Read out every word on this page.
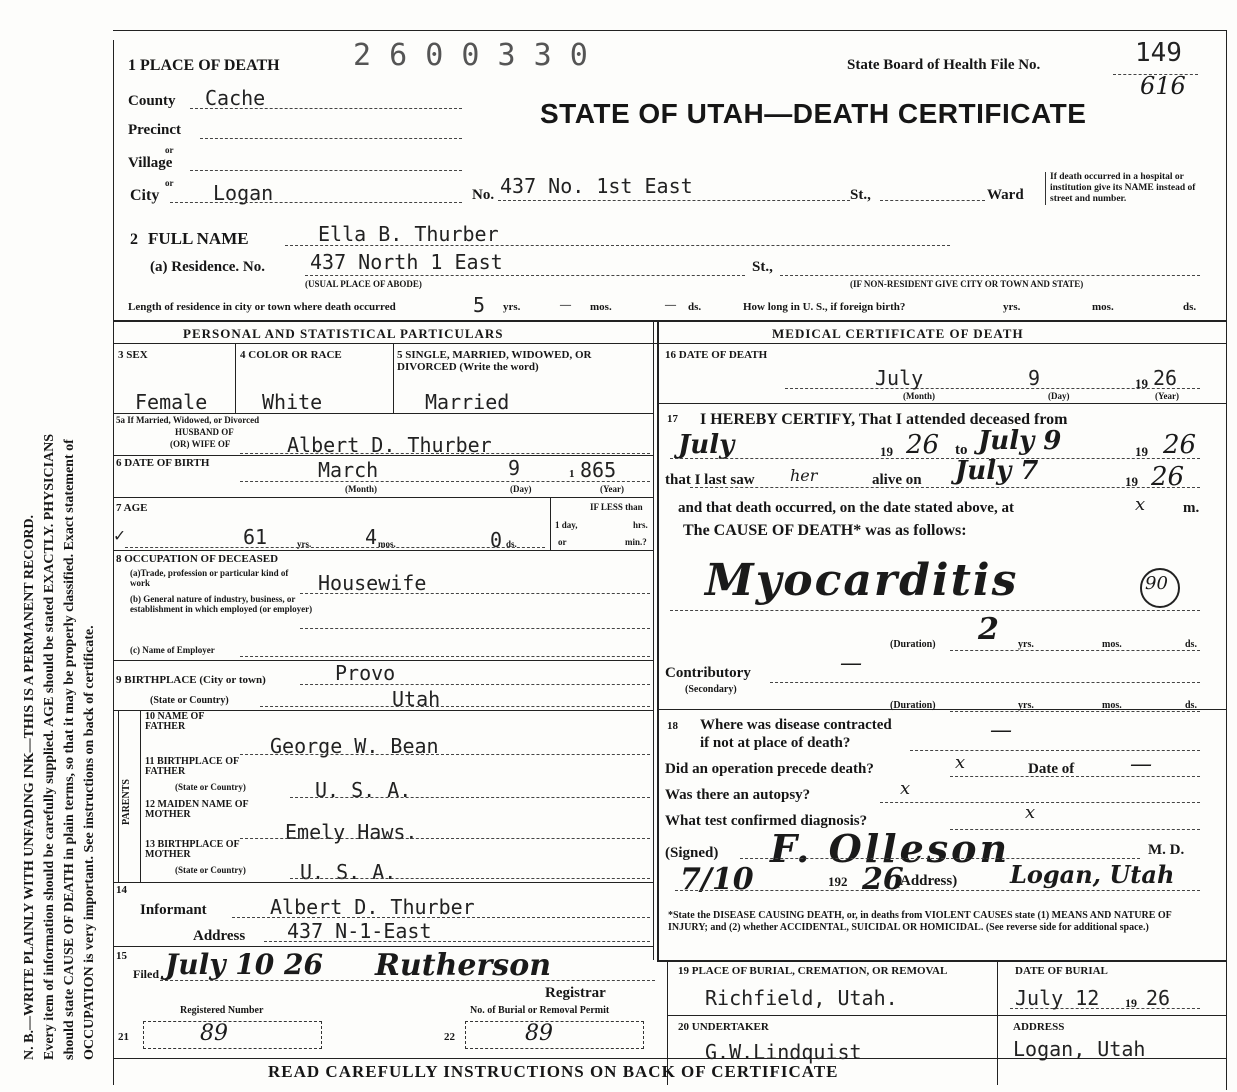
N. B.—WRITE PLAINLY WITH UNFADING INK—THIS IS A PERMANENT RECORD. Every item of information should be carefully supplied. AGE should be stated EXACTLY. PHYSICIANS should state CAUSE OF DEATH in plain terms, so that it may be properly classified. Exact statement of OCCUPATION is very important. See instructions on back of certificate.
1 PLACE OF DEATH 2 6 0 0 3 3 0	State Board of Health File No.	149
616
County Cache	STATE OF UTAH—DEATH CERTIFICATE
Precinct
or
Village
or
City	Logan	No. 437 No. 1st East	St.,	Ward
If death occurred in a hospital or institution give its NAME instead of street and number.
2 FULL NAME	Ella B. Thurber
(a) Residence. No. 437 North 1 East	St.,
(USUAL PLACE OF ABODE)	(IF NON-RESIDENT GIVE CITY OR TOWN AND STATE)
Length of residence in city or town where death occurred	5 yrs.	— mos.	— ds.	How long in U. S., if foreign birth?	yrs.	mos.	ds.
PERSONAL AND STATISTICAL PARTICULARS	MEDICAL CERTIFICATE OF DEATH
3 SEX	4 COLOR OR RACE	5 SINGLE, MARRIED, WIDOWED, OR DIVORCED (Write the word)
Female	White	Married
5a If Married, Widowed, or Divorced
HUSBAND OF
(OR) WIFE OF	Albert D. Thurber
6 DATE OF BIRTH	March	9	1 865
(Month)	(Day)	(Year)
7 AGE
✓	61	yrs.	4 mos.	0 ds.
IF LESS than
1 day,	hrs.
or	min.?
8 OCCUPATION OF DECEASED
(a)Trade, profession or particular kind of work	Housewife
(b) General nature of industry, business, or establishment in which employed (or employer)
(c) Name of Employer
9 BIRTHPLACE (City or town)	Provo
(State or Country)	Utah
PARENTS
10 NAME OF FATHER
George W. Bean
11 BIRTHPLACE OF FATHER
(State or Country)	U. S. A.
12 MAIDEN NAME OF MOTHER
Emely Haws.
13 BIRTHPLACE OF MOTHER
(State or Country)	U. S. A.
14
Informant	Albert D. Thurber
Address 437 N-1-East
15
Filed July 10 26 Rutherson
Registrar
Registered Number	No. of Burial or Removal Permit
21	89	22	89
16 DATE OF DEATH
July	9	19 26
(Month)	(Day)	(Year)
17 I HEREBY CERTIFY, That I attended deceased from
July	19 26 to July 9	19 26
that I last saw her	alive on July 7	19 26
and that death occurred, on the date stated above, at	x	m.
The CAUSE OF DEATH* was as follows:
Myocarditis	90
(Duration) 2 yrs.	mos.	ds.
Contributory	—
(Secondary)
(Duration)	yrs.	mos.	ds.
18 Where was disease contracted
if not at place of death?	—
Did an operation precede death?	x	Date of	—
Was there an autopsy?	x
What test confirmed diagnosis?	x
(Signed) F. Olleson	M. D.
7/10	192 26
(Address) Logan, Utah
*State the DISEASE CAUSING DEATH, or, in deaths from VIOLENT CAUSES state (1) MEANS AND NATURE OF INJURY; and (2) whether ACCIDENTAL, SUICIDAL OR HOMICIDAL. (See reverse side for additional space.)
19 PLACE OF BURIAL, CREMATION, OR REMOVAL
Richfield, Utah.
DATE OF BURIAL
July 12 19 26
20 UNDERTAKER
G.W.Lindquist
ADDRESS
Logan, Utah
READ CAREFULLY INSTRUCTIONS ON BACK OF CERTIFICATE
